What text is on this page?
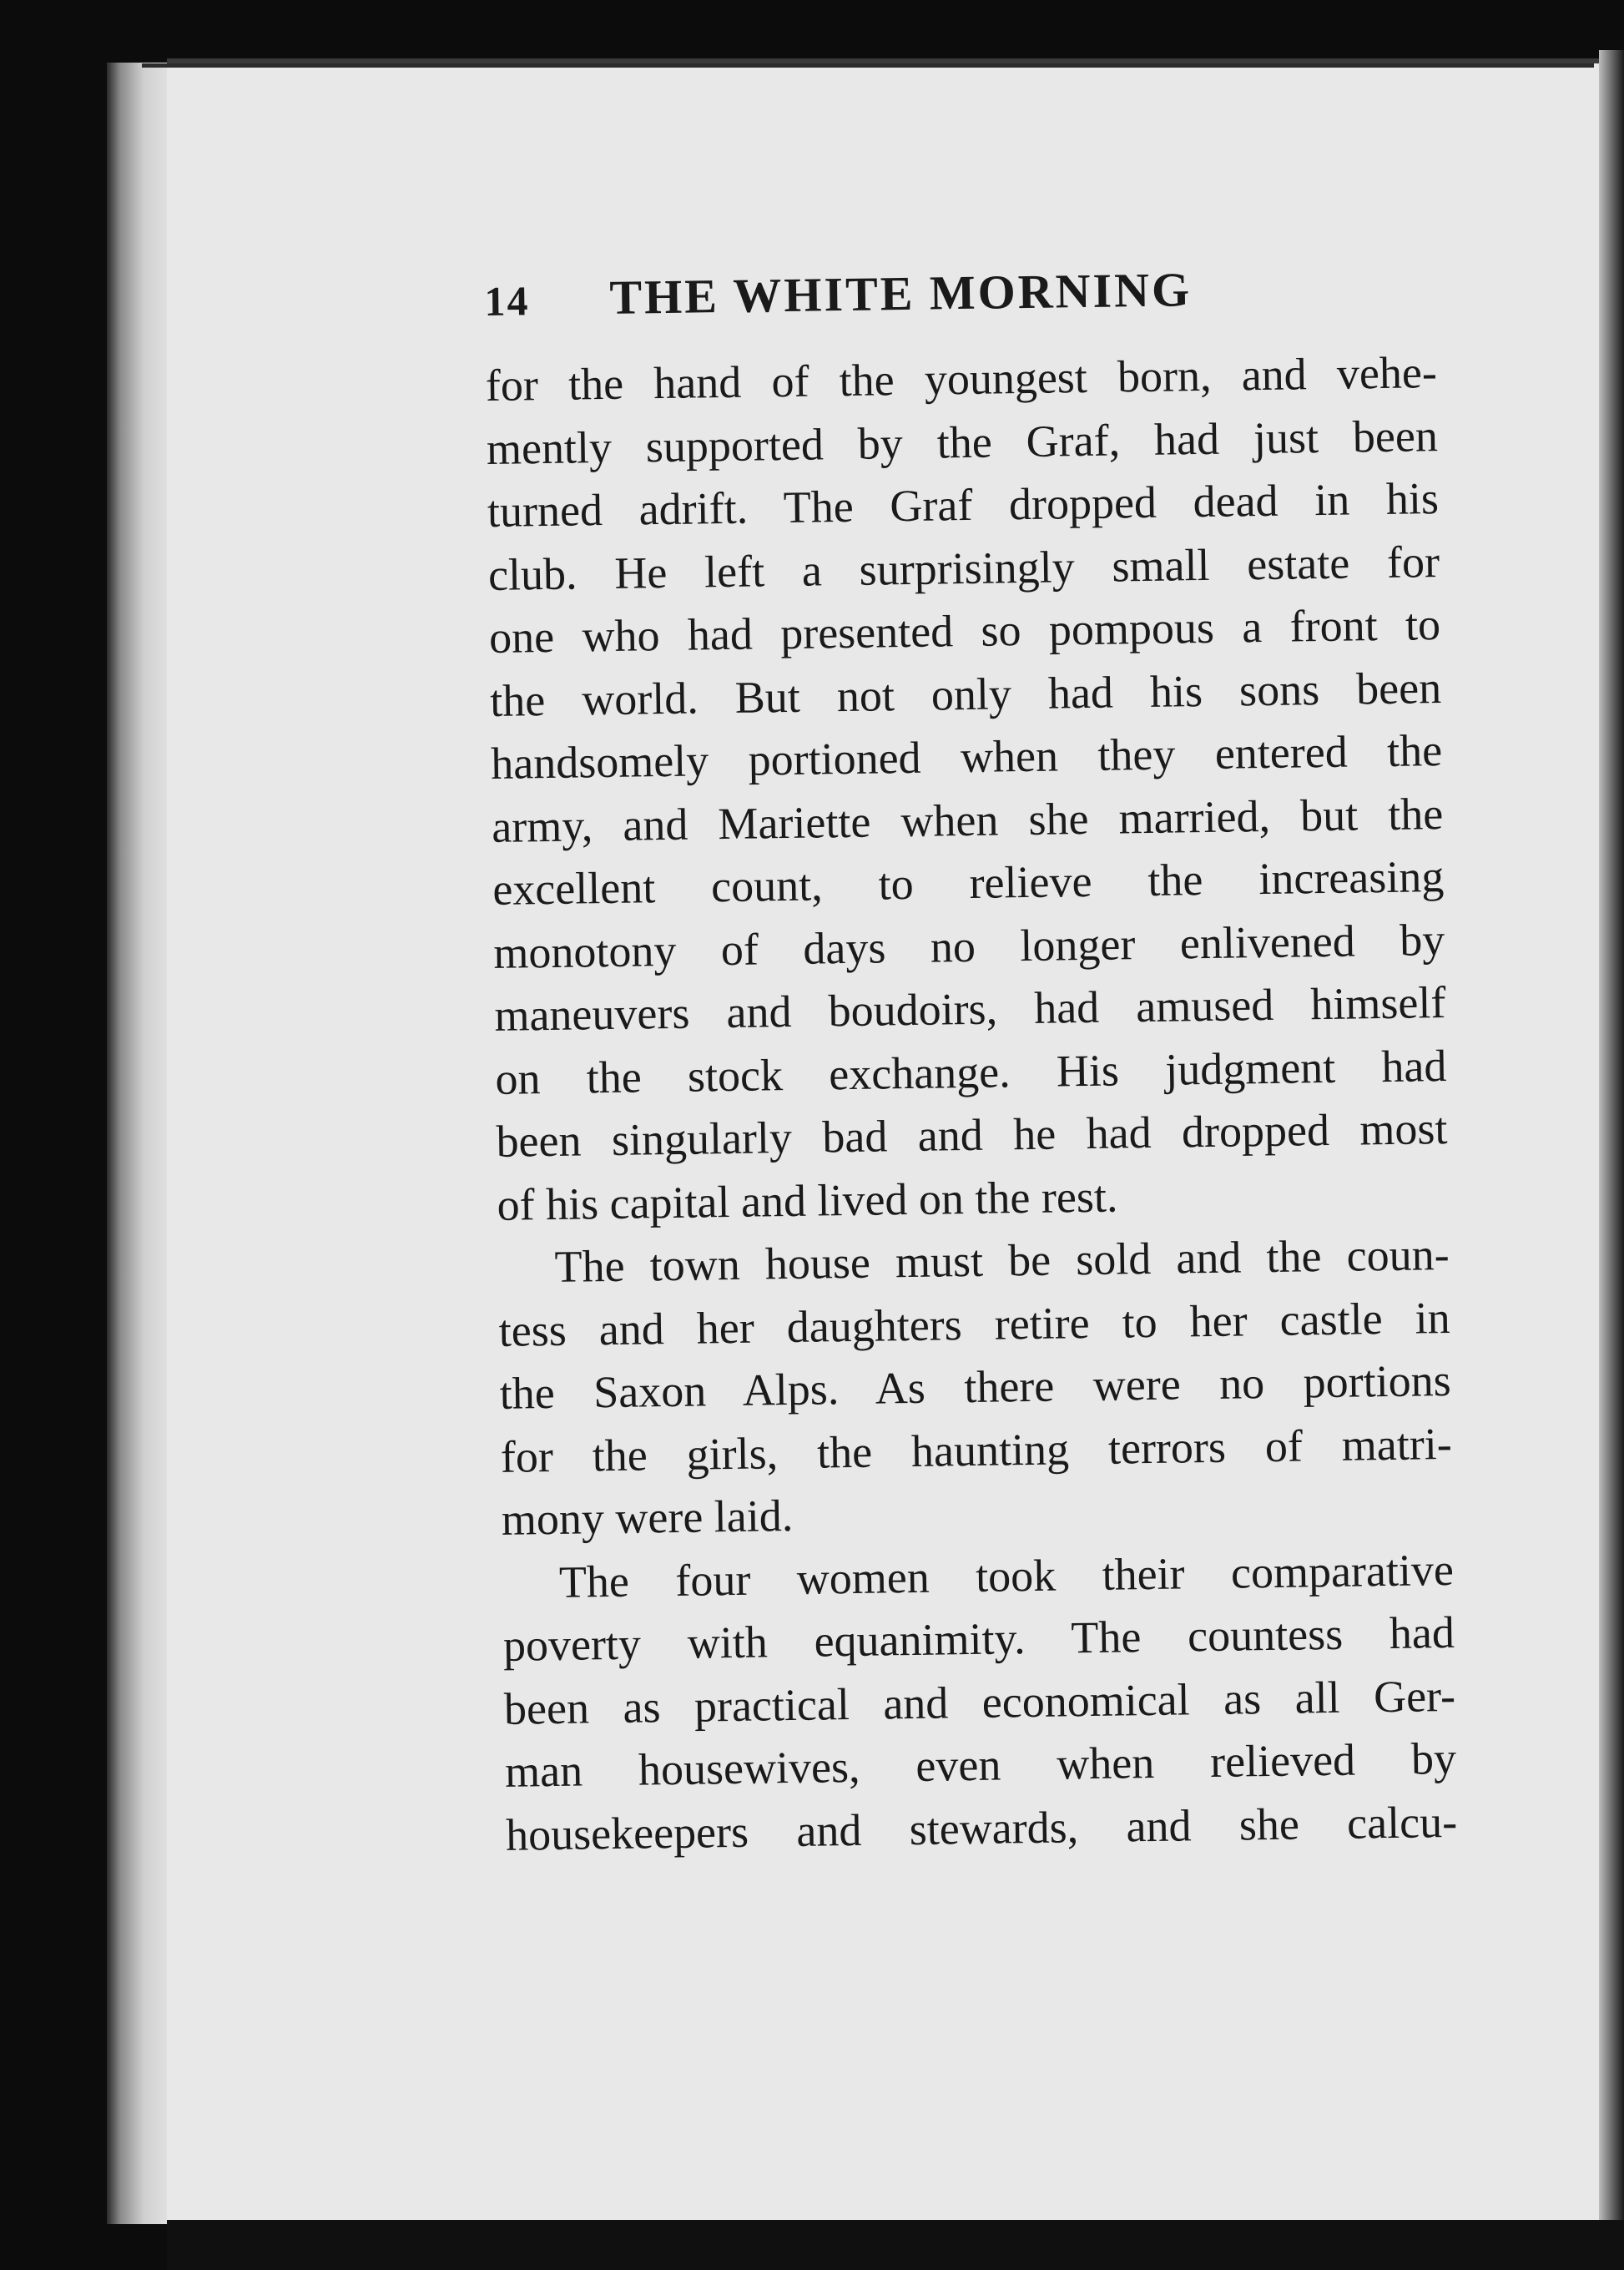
14	THE WHITE MORNING
for the hand of the youngest born, and vehe-
mently supported by the Graf, had just been
turned adrift. The Graf dropped dead in his
club. He left a surprisingly small estate for
one who had presented so pompous a front to
the world. But not only had his sons been
handsomely portioned when they entered the
army, and Mariette when she married, but the
excellent count, to relieve the increasing
monotony of days no longer enlivened by
maneuvers and boudoirs, had amused himself
on the stock exchange. His judgment had
been singularly bad and he had dropped most
of his capital and lived on the rest.
The town house must be sold and the coun-
tess and her daughters retire to her castle in
the Saxon Alps. As there were no portions
for the girls, the haunting terrors of matri-
mony were laid.
The four women took their comparative
poverty with equanimity. The countess had
been as practical and economical as all Ger-
man housewives, even when relieved by
housekeepers and stewards, and she calcu-
